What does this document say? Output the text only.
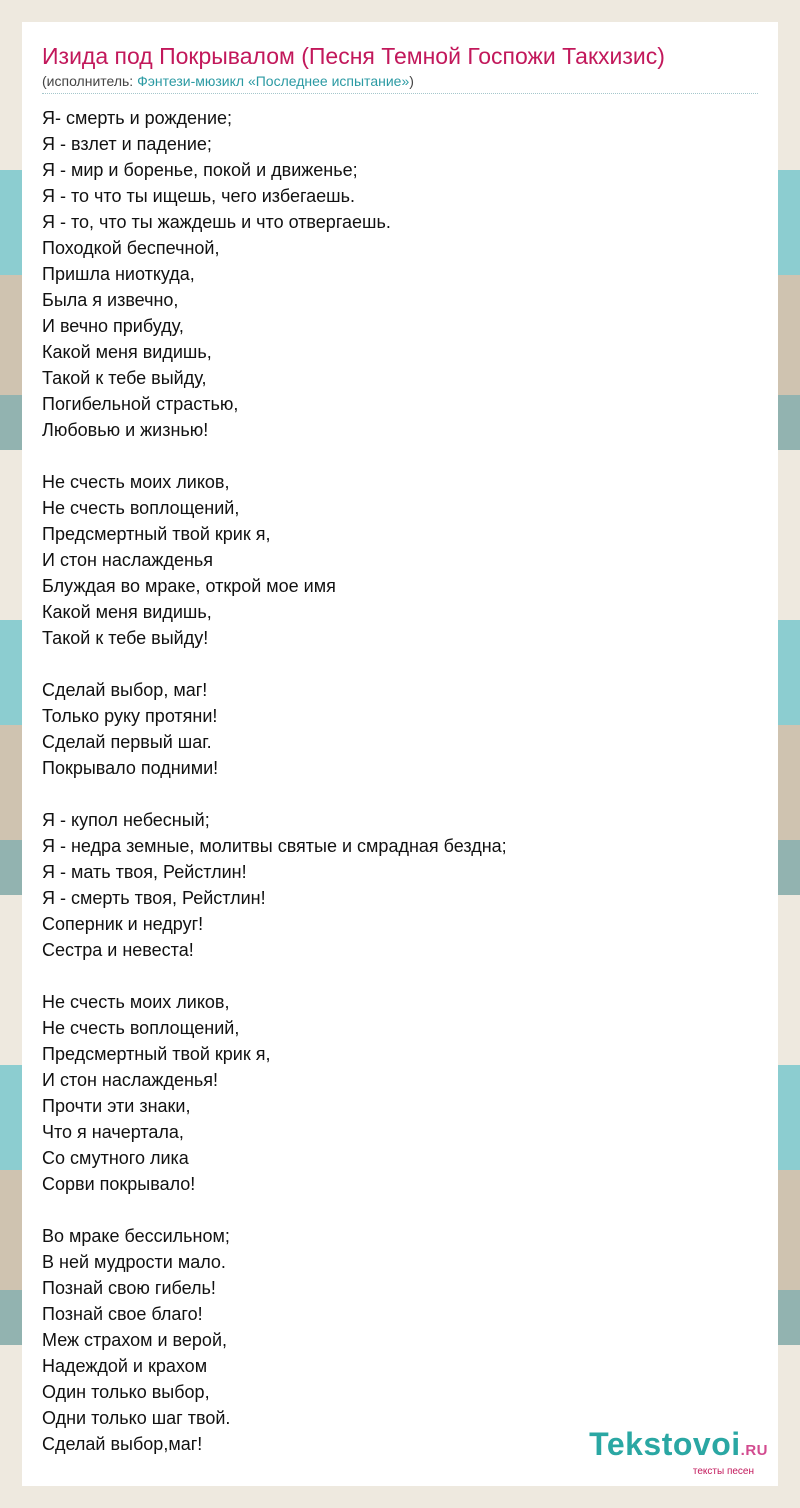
Изида под Покрывалом (Песня Темной Госпожи Такхизис)
(исполнитель: Фэнтези-мюзикл «Последнее испытание»)
Я- смерть и рождение;
Я - взлет и падение;
Я - мир и боренье, покой и движенье;
Я - то что ты ищешь, чего избегаешь.
Я - то, что ты жаждешь и что отвергаешь.
Походкой беспечной,
Пришла ниоткуда,
Была я извечно,
И вечно прибуду,
Какой меня видишь,
Такой к тебе выйду,
Погибельной страстью,
Любовью и жизнью!
Не счесть моих ликов,
Не счесть воплощений,
Предсмертный твой крик я,
И стон наслажденья
Блуждая во мраке, открой мое имя
Какой меня видишь,
Такой к тебе выйду!
Сделай выбор, маг!
Только руку протяни!
Сделай первый шаг.
Покрывало подними!
Я - купол небесный;
Я - недра земные, молитвы святые и смрадная бездна;
Я - мать твоя, Рейстлин!
Я - смерть твоя, Рейстлин!
Соперник и недруг!
Сестра и невеста!
Не счесть моих ликов,
Не счесть воплощений,
Предсмертный твой крик я,
И стон наслажденья!
Прочти эти знаки,
Что я начертала,
Со смутного лика
Сорви покрывало!
Во мраке бессильном;
В ней мудрости мало.
Познай свою гибель!
Познай свое благо!
Меж страхом и верой,
Надеждой и крахом
Один только выбор,
Одни только шаг твой.
Сделай выбор,маг!	Tekstovoi.RU
тексты песен
